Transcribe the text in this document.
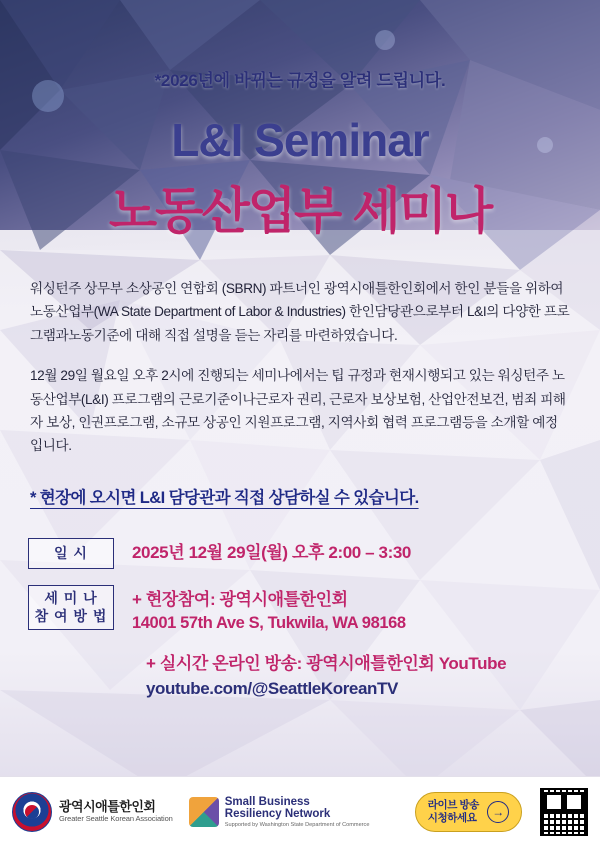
*2026년에 바뀌는 규정을 알려 드립니다.
L&I Seminar
노동산업부 세미나

워싱턴주 상무부 소상공인 연합회 (SBRN) 파트너인 광역시애틀한인회에서 한인 분들을 위하여 노동산업부(WA State Department of Labor & Industries) 한인담당관으로부터 L&I의 다양한 프로그램과노동기준에 대해 직접 설명을 듣는 자리를 마련하였습니다.

12월 29일 월요일 오후 2시에 진행되는 세미나에서는 팁 규정과 현재시행되고 있는 워싱턴주 노동산업부(L&I) 프로그램의 근로기준이나근로자 권리, 근로자 보상보험, 산업안전보건, 범죄 피해자 보상, 인권프로그램, 소규모 상공인 지원프로그램, 지역사회 협력 프로그램등을 소개할 예정입니다.

* 현장에 오시면 L&I 담당관과 직접 상담하실 수 있습니다.
일 시	2025년 12월 29일(월) 오후 2:00 – 3:30
세 미 나
참 여 방 법
+ 현장참여: 광역시애틀한인회
14001 57th Ave S, Tukwila, WA 98168
+ 실시간 온라인 방송: 광역시애틀한인회 YouTube
youtube.com/@SeattleKoreanTV
광역시애틀한인회
Greater Seattle Korean Association
Small Business
Resiliency Network
Supported by Washington State Department of Commerce
라이브 방송
시청하세요	→
